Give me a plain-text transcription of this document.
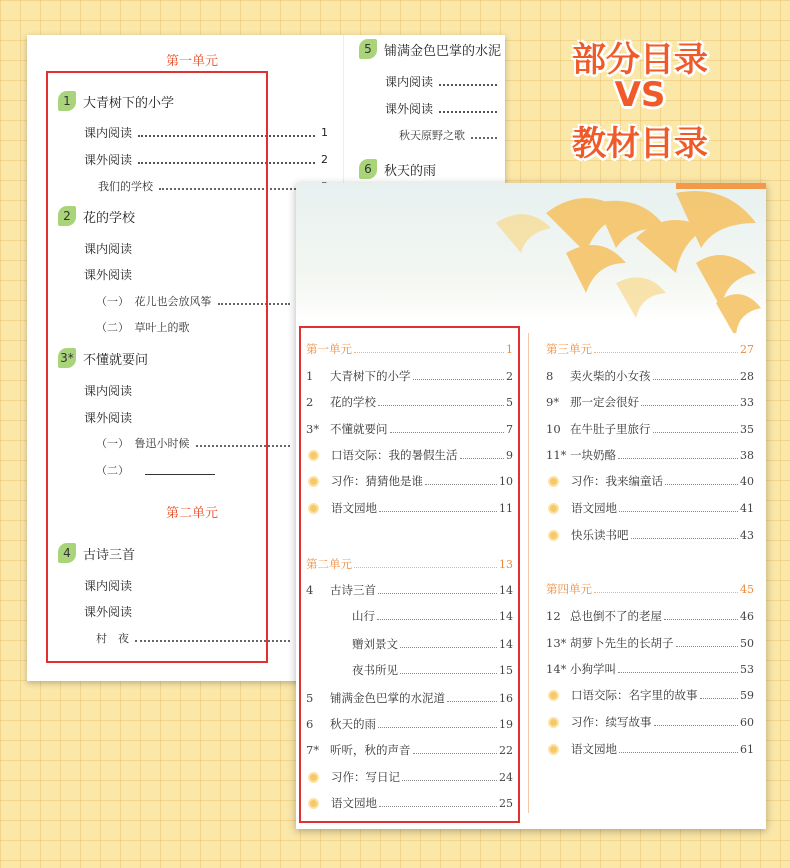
第一单元
1 大青树下的小学
课内阅读	1
课外阅读	2
我们的学校
2 花的学校
课内阅读
课外阅读
（一）　花儿也会放风筝
（二）　草叶上的歌
3* 不懂就要问
课内阅读
课外阅读
（一）　鲁迅小时候
（二）
第二单元
4 古诗三首
课内阅读
课外阅读
村　夜
5 铺满金色巴掌的水泥
课内阅读
课外阅读
秋天原野之歌
6 秋天的雨
部分目录
VS
教材目录
第一单元	1
1	大青树下的小学	2
2	花的学校	5
3* 不懂就要问	7
口语交际：我的暑假生活	9
习作：猜猜他是谁	10
语文园地	11
第二单元	13
4	古诗三首	14
山行	14
赠刘景文	14
夜书所见	15
5	铺满金色巴掌的水泥道	16
6	秋天的雨	19
7* 听听，秋的声音	22
习作：写日记	24
语文园地	25
第三单元	27
8	卖火柴的小女孩	28
9* 那一定会很好	33
10 在牛肚子里旅行	35
11* 一块奶酪	38
习作：我来编童话	40
语文园地	41
快乐读书吧	43
第四单元	45
12 总也倒不了的老屋	46
13* 胡萝卜先生的长胡子	50
14* 小狗学叫	53
口语交际：名字里的故事	59
习作：续写故事	60
语文园地	61
